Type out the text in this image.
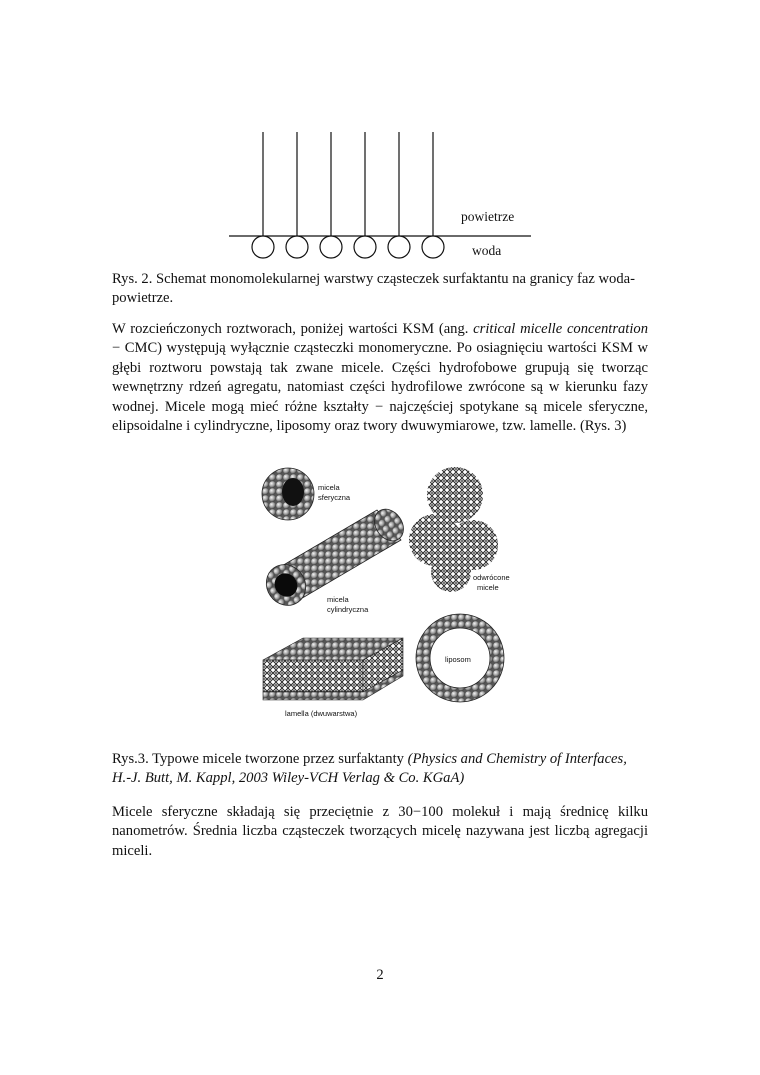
powietrze
woda
Rys. 2. Schemat monomolekularnej warstwy cząsteczek surfaktantu na granicy faz woda-powietrze.
W rozcieńczonych roztworach, poniżej wartości KSM (ang. critical micelle concentration − CMC) występują wyłącznie cząsteczki monomeryczne. Po osiagnięciu wartości KSM w głębi roztworu powstają tak zwane micele. Części hydrofobowe grupują się tworząc wewnętrzny rdzeń agregatu, natomiast części hydrofilowe zwrócone są w kierunku fazy wodnej. Micele mogą mieć różne kształty − najczęściej spotykane są micele sferyczne, elipsoidalne i cylindryczne, liposomy oraz twory dwuwymiarowe, tzw. lamelle. (Rys. 3)
micela
sferyczna
micela
cylindryczna
odwrócone
micele
liposom
lamella (dwuwarstwa)
Rys.3. Typowe micele tworzone przez surfaktanty (Physics and Chemistry of Interfaces, H.-J. Butt, M. Kappl, 2003 Wiley-VCH Verlag & Co. KGaA)
Micele sferyczne składają się przeciętnie z 30−100 molekuł i mają średnicę kilku nanometrów. Średnia liczba cząsteczek tworzących micelę nazywana jest liczbą agregacji miceli.
2
